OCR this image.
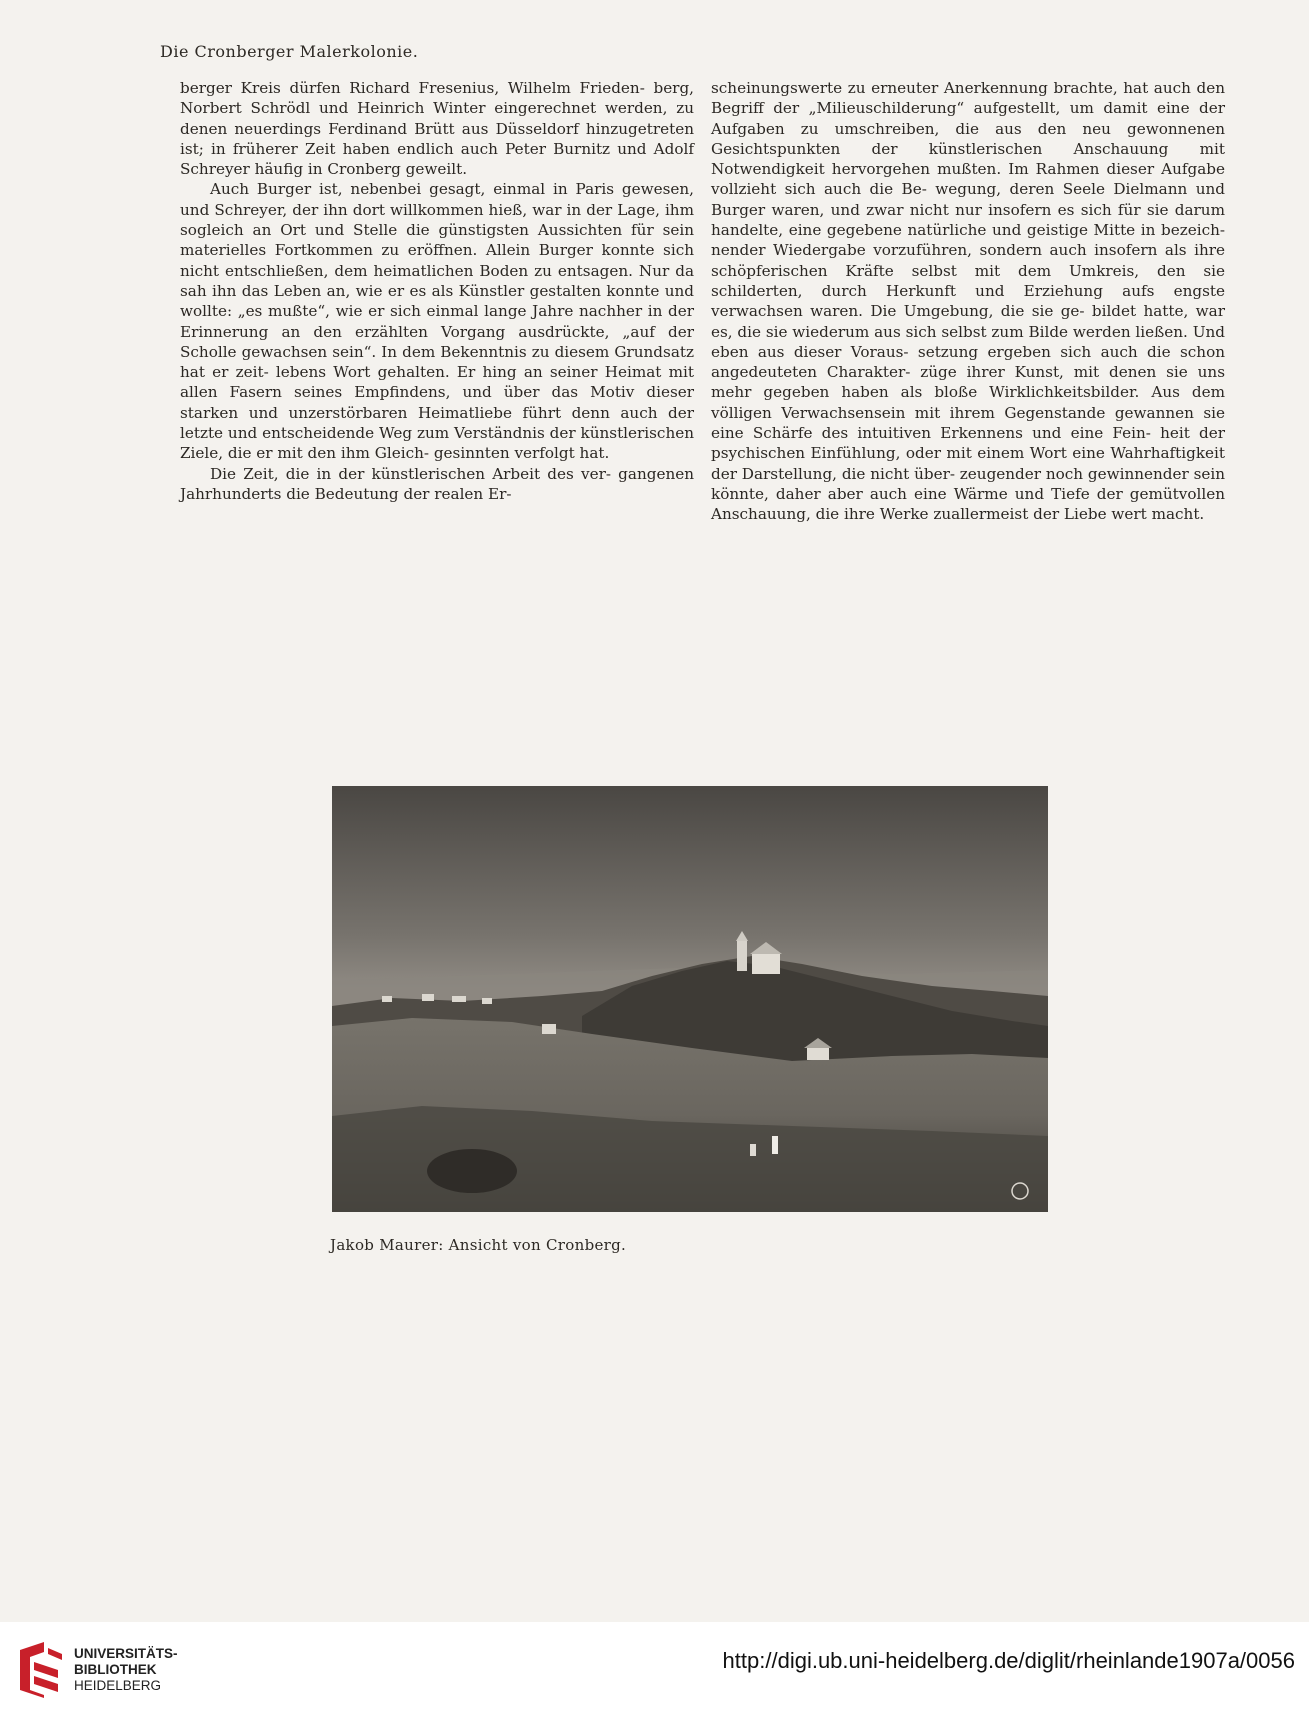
Die Cronberger Malerkolonie.

berger Kreis dürfen Richard Fresenius, Wilhelm Frieden- berg, Norbert Schrödl und Heinrich Winter eingerechnet werden, zu denen neuerdings Ferdinand Brütt aus Düsseldorf hinzugetreten ist; in früherer Zeit haben endlich auch Peter Burnitz und Adolf Schreyer häufig in Cronberg geweilt.

Auch Burger ist, nebenbei gesagt, einmal in Paris gewesen, und Schreyer, der ihn dort willkommen hieß, war in der Lage, ihm sogleich an Ort und Stelle die günstigsten Aussichten für sein materielles Fortkommen zu eröffnen. Allein Burger konnte sich nicht entschließen, dem heimatlichen Boden zu entsagen. Nur da sah ihn das Leben an, wie er es als Künstler gestalten konnte und wollte: „es mußte“, wie er sich einmal lange Jahre nachher in der Erinnerung an den erzählten Vorgang ausdrückte, „auf der Scholle gewachsen sein“. In dem Bekenntnis zu diesem Grundsatz hat er zeit- lebens Wort gehalten. Er hing an seiner Heimat mit allen Fasern seines Empfindens, und über das Motiv dieser starken und unzerstörbaren Heimatliebe führt denn auch der letzte und entscheidende Weg zum Verständnis der künstlerischen Ziele, die er mit den ihm Gleich- gesinnten verfolgt hat.

Die Zeit, die in der künstlerischen Arbeit des ver- gangenen Jahrhunderts die Bedeutung der realen Er-

scheinungswerte zu erneuter Anerkennung brachte, hat auch den Begriff der „Milieuschilderung“ aufgestellt, um damit eine der Aufgaben zu umschreiben, die aus den neu gewonnenen Gesichtspunkten der künstlerischen Anschauung mit Notwendigkeit hervorgehen mußten. Im Rahmen dieser Aufgabe vollzieht sich auch die Be- wegung, deren Seele Dielmann und Burger waren, und zwar nicht nur insofern es sich für sie darum handelte, eine gegebene natürliche und geistige Mitte in bezeich- nender Wiedergabe vorzuführen, sondern auch insofern als ihre schöpferischen Kräfte selbst mit dem Umkreis, den sie schilderten, durch Herkunft und Erziehung aufs engste verwachsen waren. Die Umgebung, die sie ge- bildet hatte, war es, die sie wiederum aus sich selbst zum Bilde werden ließen. Und eben aus dieser Voraus- setzung ergeben sich auch die schon angedeuteten Charakter- züge ihrer Kunst, mit denen sie uns mehr gegeben haben als bloße Wirklichkeitsbilder. Aus dem völligen Verwachsensein mit ihrem Gegenstande gewannen sie eine Schärfe des intuitiven Erkennens und eine Fein- heit der psychischen Einfühlung, oder mit einem Wort eine Wahrhaftigkeit der Darstellung, die nicht über- zeugender noch gewinnender sein könnte, daher aber auch eine Wärme und Tiefe der gemütvollen Anschauung, die ihre Werke zuallermeist der Liebe wert macht.

Jakob Maurer: Ansicht von Cronberg.
UNIVERSITÄTS-
BIBLIOTHEK
HEIDELBERG
http://digi.ub.uni-heidelberg.de/diglit/rheinlande1907a/0056
